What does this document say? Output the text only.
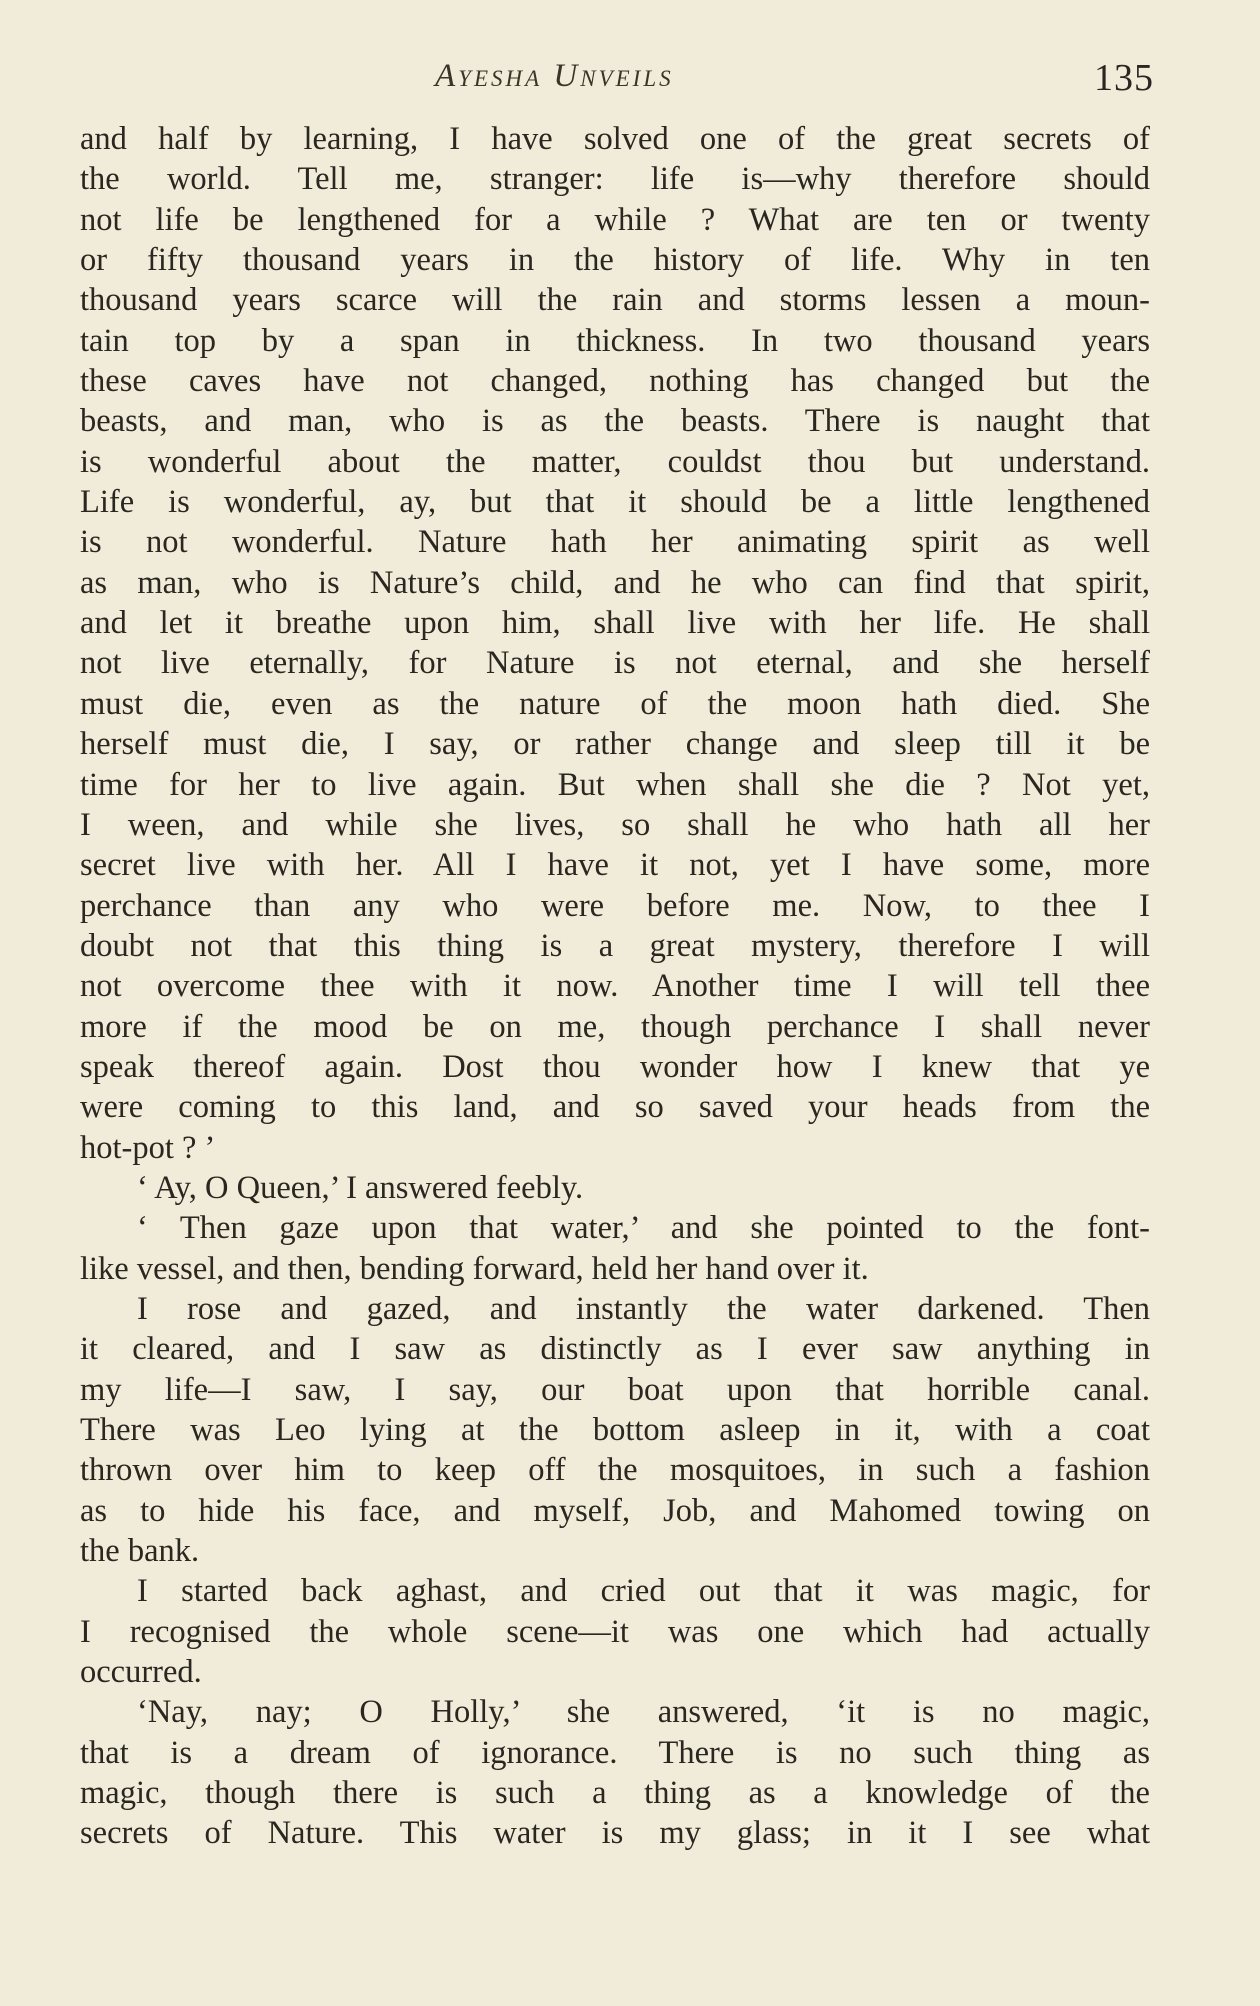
Ayesha Unveils	135
and half by learning, I have solved one of the great secrets of
the world. Tell me, stranger: life is—why therefore should
not life be lengthened for a while ? What are ten or twenty
or fifty thousand years in the history of life. Why in ten
thousand years scarce will the rain and storms lessen a moun-
tain top by a span in thickness. In two thousand years
these caves have not changed, nothing has changed but the
beasts, and man, who is as the beasts. There is naught that
is wonderful about the matter, couldst thou but understand.
Life is wonderful, ay, but that it should be a little lengthened
is not wonderful. Nature hath her animating spirit as well
as man, who is Nature’s child, and he who can find that spirit,
and let it breathe upon him, shall live with her life. He shall
not live eternally, for Nature is not eternal, and she herself
must die, even as the nature of the moon hath died. She
herself must die, I say, or rather change and sleep till it be
time for her to live again. But when shall she die ? Not yet,
I ween, and while she lives, so shall he who hath all her
secret live with her. All I have it not, yet I have some, more
perchance than any who were before me. Now, to thee I
doubt not that this thing is a great mystery, therefore I will
not overcome thee with it now. Another time I will tell thee
more if the mood be on me, though perchance I shall never
speak thereof again. Dost thou wonder how I knew that ye
were coming to this land, and so saved your heads from the
hot-pot ? ’
‘ Ay, O Queen,’ I answered feebly.
‘ Then gaze upon that water,’ and she pointed to the font-
like vessel, and then, bending forward, held her hand over it.
I rose and gazed, and instantly the water darkened. Then
it cleared, and I saw as distinctly as I ever saw anything in
my life—I saw, I say, our boat upon that horrible canal.
There was Leo lying at the bottom asleep in it, with a coat
thrown over him to keep off the mosquitoes, in such a fashion
as to hide his face, and myself, Job, and Mahomed towing on
the bank.
I started back aghast, and cried out that it was magic, for
I recognised the whole scene—it was one which had actually
occurred.
‘Nay, nay; O Holly,’ she answered, ‘it is no magic,
that is a dream of ignorance. There is no such thing as
magic, though there is such a thing as a knowledge of the
secrets of Nature. This water is my glass; in it I see what
